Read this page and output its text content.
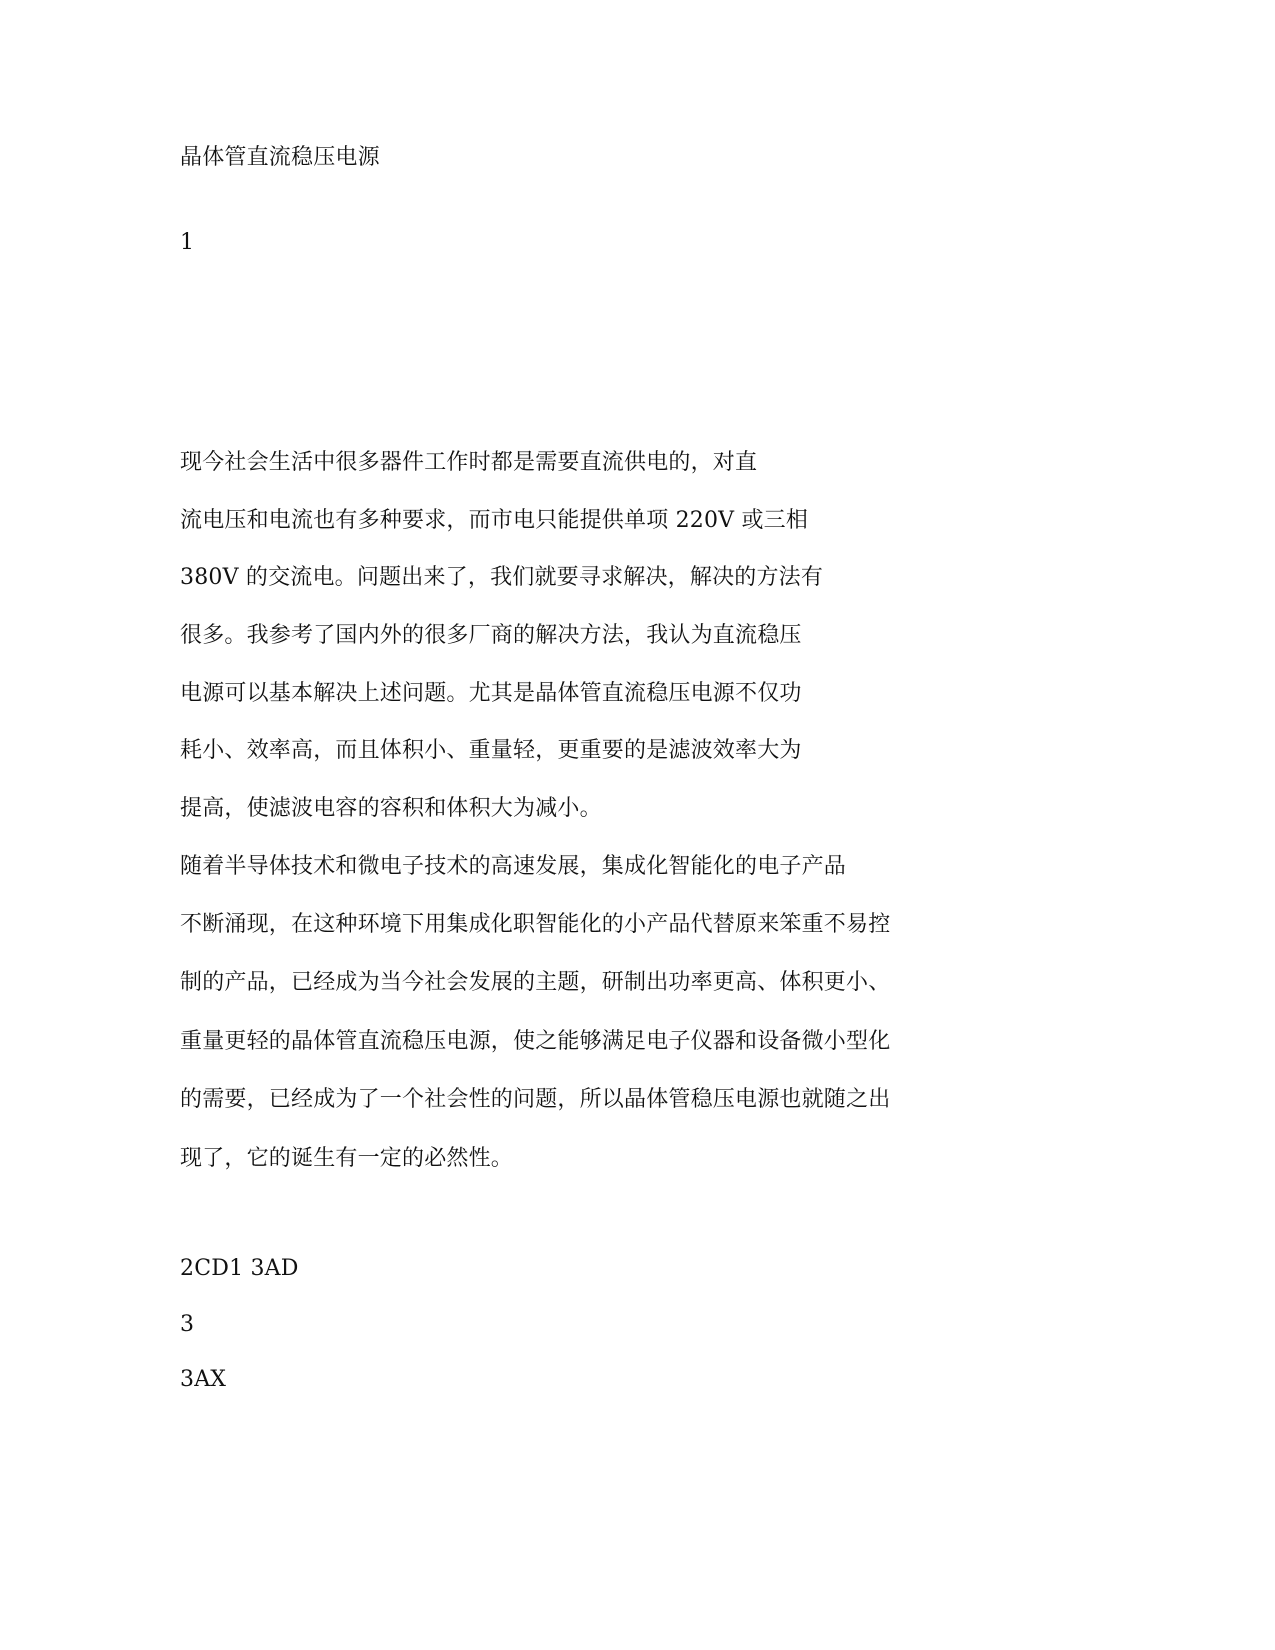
晶体管直流稳压电源
1
现今社会生活中很多器件工作时都是需要直流供电的，对直
流电压和电流也有多种要求，而市电只能提供单项 220V 或三相
380V 的交流电。问题出来了，我们就要寻求解决，解决的方法有
很多。我参考了国内外的很多厂商的解决方法，我认为直流稳压
电源可以基本解决上述问题。尤其是晶体管直流稳压电源不仅功
耗小、效率高，而且体积小、重量轻，更重要的是滤波效率大为
提高，使滤波电容的容积和体积大为减小。
随着半导体技术和微电子技术的高速发展，集成化智能化的电子产品
不断涌现，在这种环境下用集成化职智能化的小产品代替原来笨重不易控
制的产品，已经成为当今社会发展的主题，研制出功率更高、体积更小、
重量更轻的晶体管直流稳压电源，使之能够满足电子仪器和设备微小型化
的需要，已经成为了一个社会性的问题，所以晶体管稳压电源也就随之出
现了，它的诞生有一定的必然性。
2CD1 3AD
3
3AX
